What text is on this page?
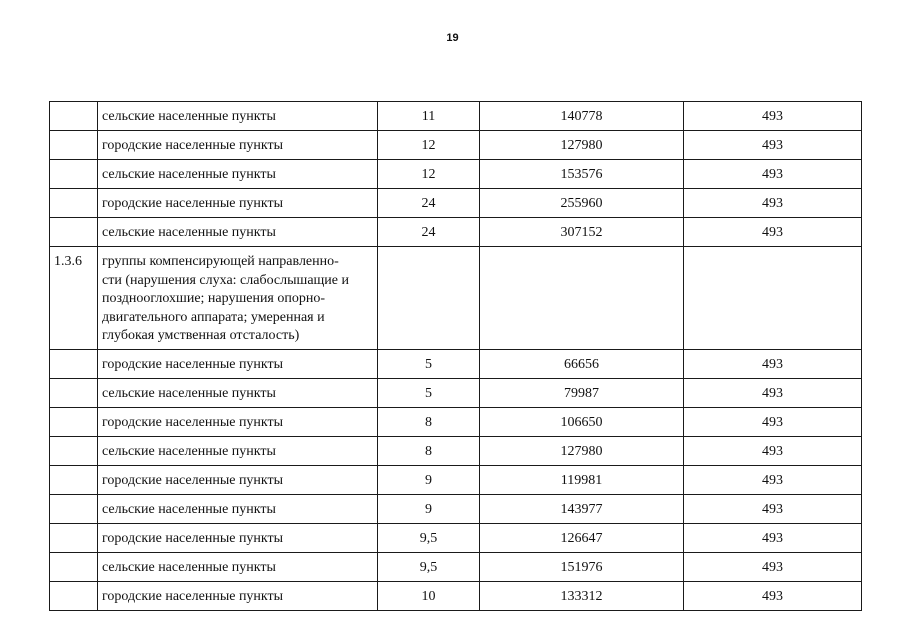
19
	сельские населенные пункты	11	140778	493
	городские населенные пункты	12	127980	493
	сельские населенные пункты	12	153576	493
	городские населенные пункты	24	255960	493
	сельские населенные пункты	24	307152	493
1.3.6	группы компенсирующей направленно-
сти (нарушения слуха: слабослышащие и
позднооглохшие; нарушения опорно-
двигательного аппарата; умеренная и
глубокая умственная отсталость)			

	городские населенные пункты	5	66656	493
	сельские населенные пункты	5	79987	493
	городские населенные пункты	8	106650	493
	сельские населенные пункты	8	127980	493
	городские населенные пункты	9	119981	493
	сельские населенные пункты	9	143977	493
	городские населенные пункты	9,5	126647	493
	сельские населенные пункты	9,5	151976	493
	городские населенные пункты	10	133312	493
